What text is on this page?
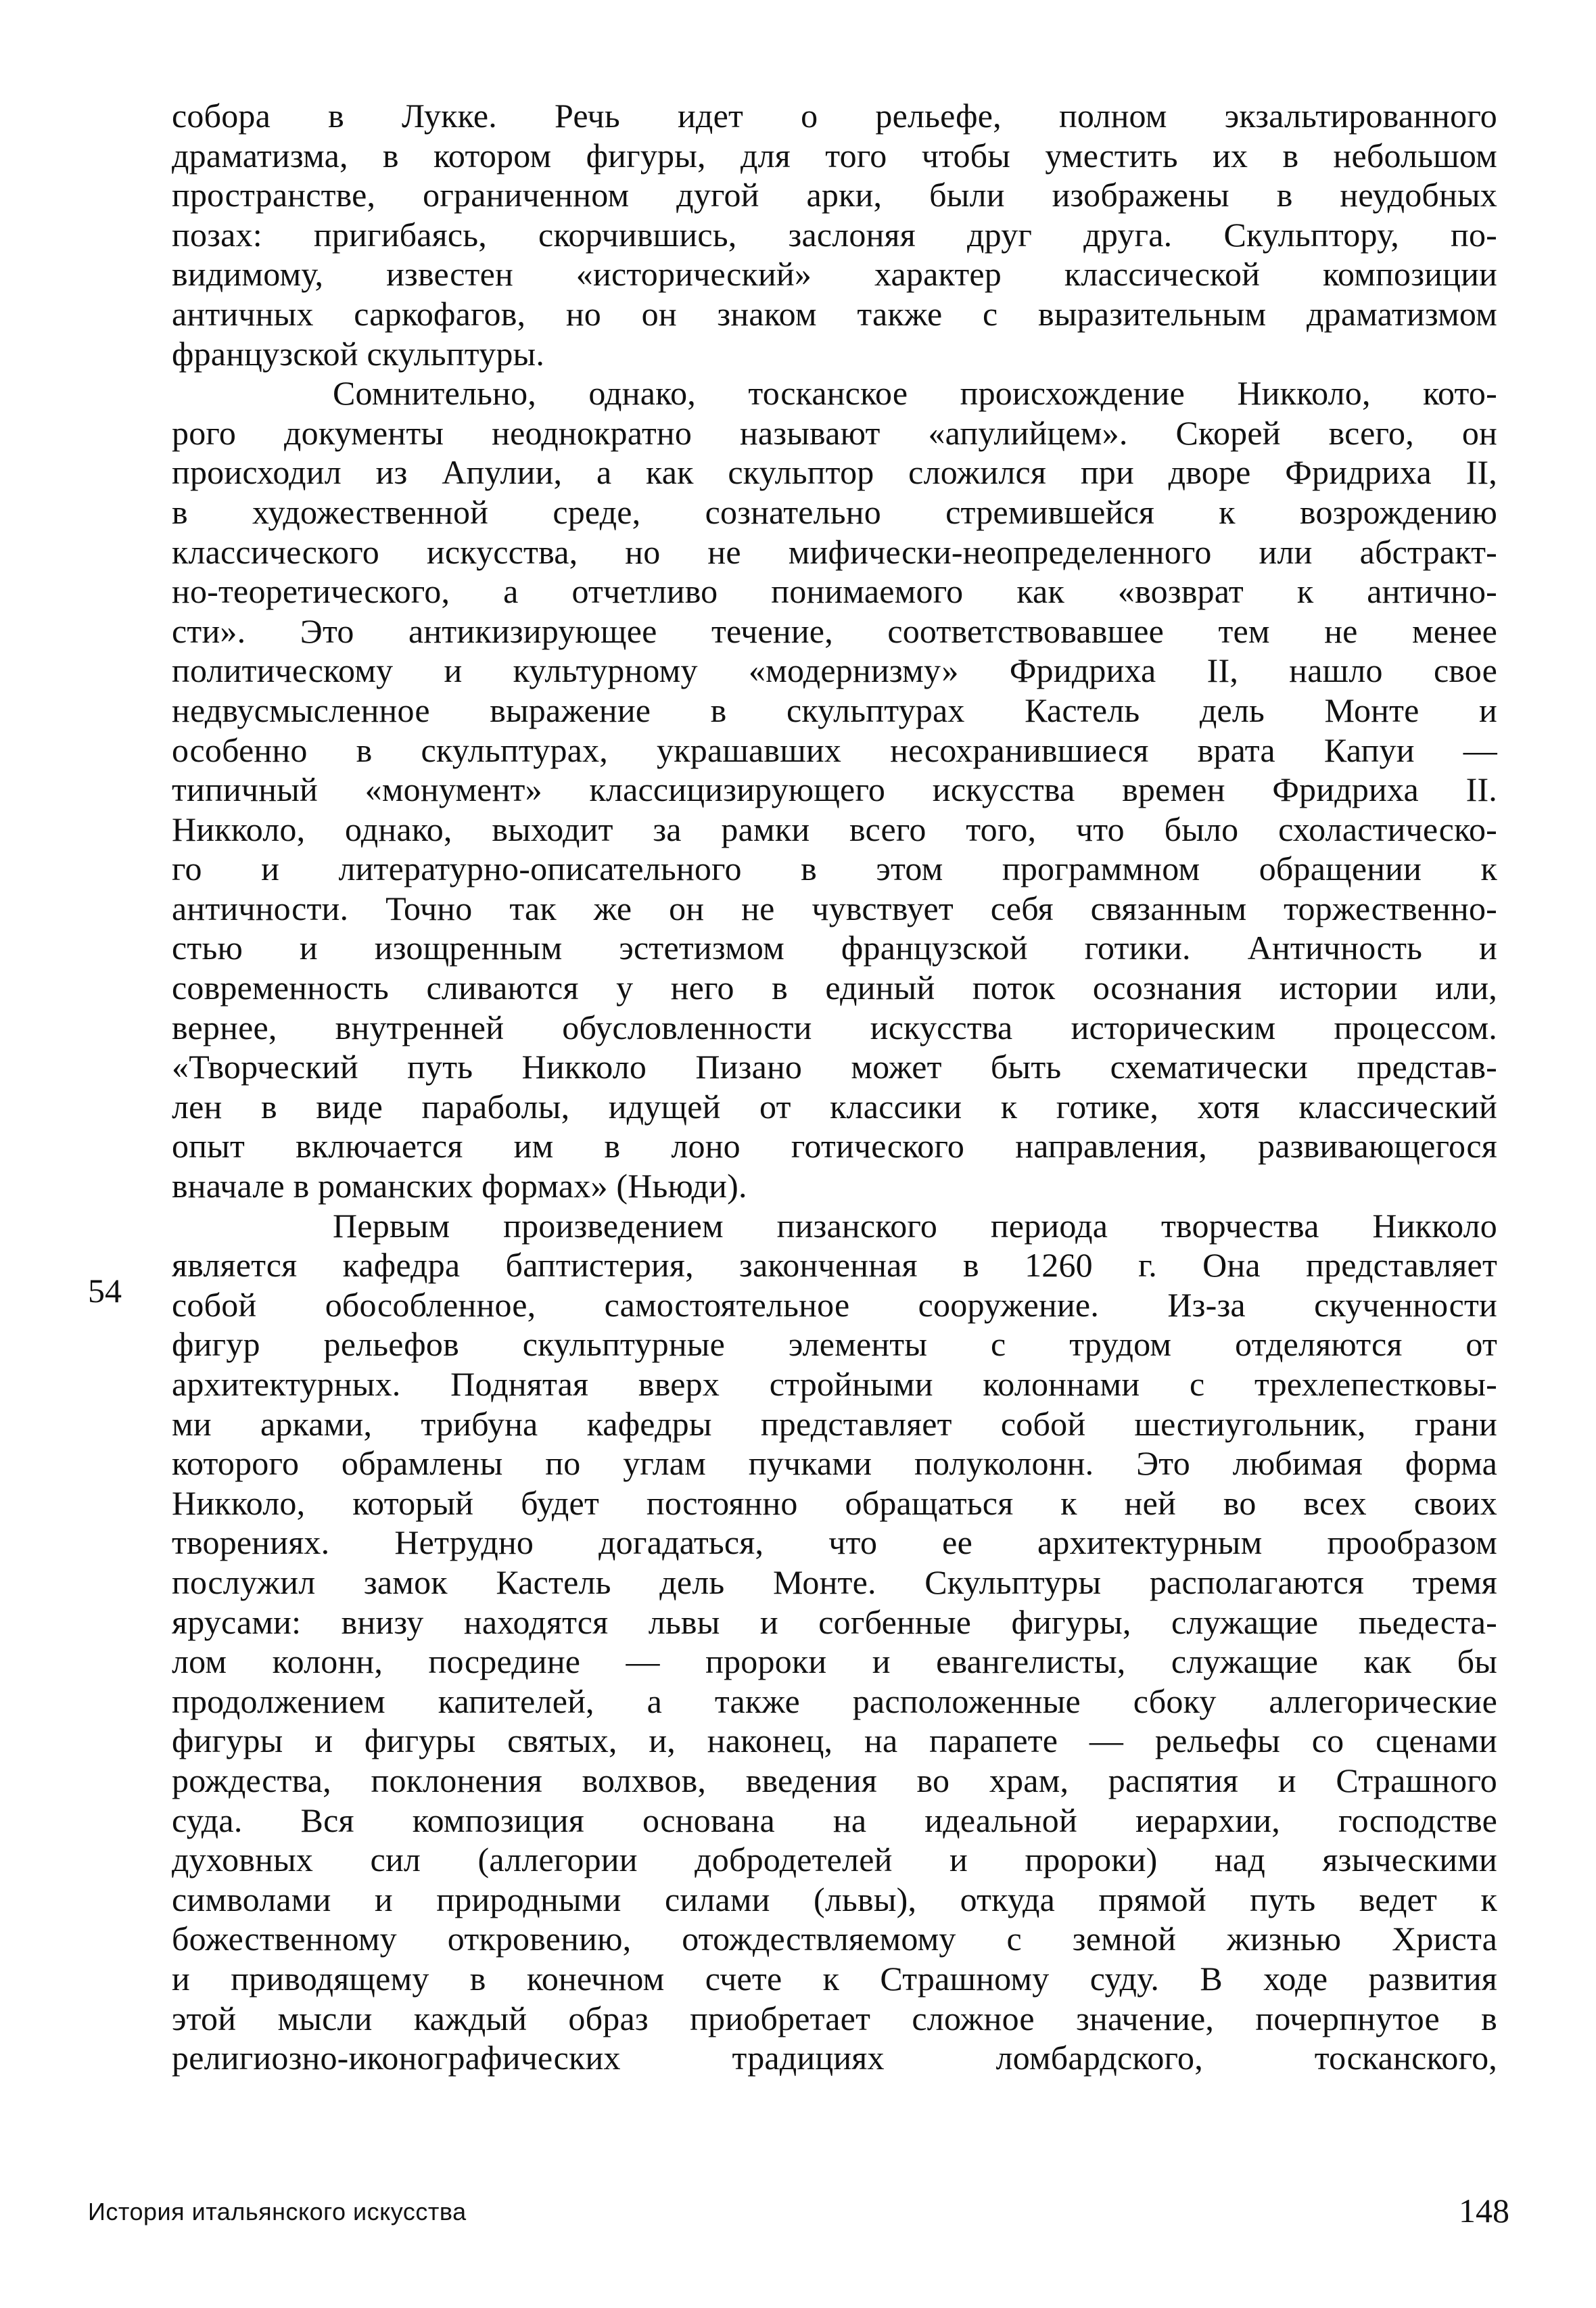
собора в Лукке. Речь идет о рельефе, полном экзальтированного
драматизма, в котором фигуры, для того чтобы уместить их в небольшом
пространстве, ограниченном дугой арки, были изображены в неудобных
позах: пригибаясь, скорчившись, заслоняя друг друга. Скульптору, по-
видимому, известен «исторический» характер классической композиции
античных саркофагов, но он знаком также с выразительным драматизмом
французской скульптуры.
Сомнительно, однако, тосканское происхождение Никколо, кото-
рого документы неоднократно называют «апулийцем». Скорей всего, он
происходил из Апулии, а как скульптор сложился при дворе Фридриха II,
в художественной среде, сознательно стремившейся к возрождению
классического искусства, но не мифически-неопределенного или абстракт-
но-теоретического, а отчетливо понимаемого как «возврат к антично-
сти». Это антикизирующее течение, соответствовавшее тем не менее
политическому и культурному «модернизму» Фридриха II, нашло свое
недвусмысленное выражение в скульптурах Кастель дель Монте и
особенно в скульптурах, украшавших несохранившиеся врата Капуи —
типичный «монумент» классицизирующего искусства времен Фридриха II.
Никколо, однако, выходит за рамки всего того, что было схоластическо-
го и литературно-описательного в этом программном обращении к
античности. Точно так же он не чувствует себя связанным торжественно-
стью и изощренным эстетизмом французской готики. Античность и
современность сливаются у него в единый поток осознания истории или,
вернее, внутренней обусловленности искусства историческим процессом.
«Творческий путь Никколо Пизано может быть схематически представ-
лен в виде параболы, идущей от классики к готике, хотя классический
опыт включается им в лоно готического направления, развивающегося
вначале в романских формах» (Ньюди).
Первым произведением пизанского периода творчества Никколо
является кафедра баптистерия, законченная в 1260 г. Она представляет
собой обособленное, самостоятельное сооружение. Из-за скученности
фигур рельефов скульптурные элементы с трудом отделяются от
архитектурных. Поднятая вверх стройными колоннами с трехлепестковы-
ми арками, трибуна кафедры представляет собой шестиугольник, грани
которого обрамлены по углам пучками полуколонн. Это любимая форма
Никколо, который будет постоянно обращаться к ней во всех своих
творениях. Нетрудно догадаться, что ее архитектурным прообразом
послужил замок Кастель дель Монте. Скульптуры располагаются тремя
ярусами: внизу находятся львы и согбенные фигуры, служащие пьедеста-
лом колонн, посредине — пророки и евангелисты, служащие как бы
продолжением капителей, а также расположенные сбоку аллегорические
фигуры и фигуры святых, и, наконец, на парапете — рельефы со сценами
рождества, поклонения волхвов, введения во храм, распятия и Страшного
суда. Вся композиция основана на идеальной иерархии, господстве
духовных сил (аллегории добродетелей и пророки) над языческими
символами и природными силами (львы), откуда прямой путь ведет к
божественному откровению, отождествляемому с земной жизнью Христа
и приводящему в конечном счете к Страшному суду. В ходе развития
этой мысли каждый образ приобретает сложное значение, почерпнутое в
религиозно-иконографических традициях ломбардского, тосканского,
54
История итальянского искусства	148
